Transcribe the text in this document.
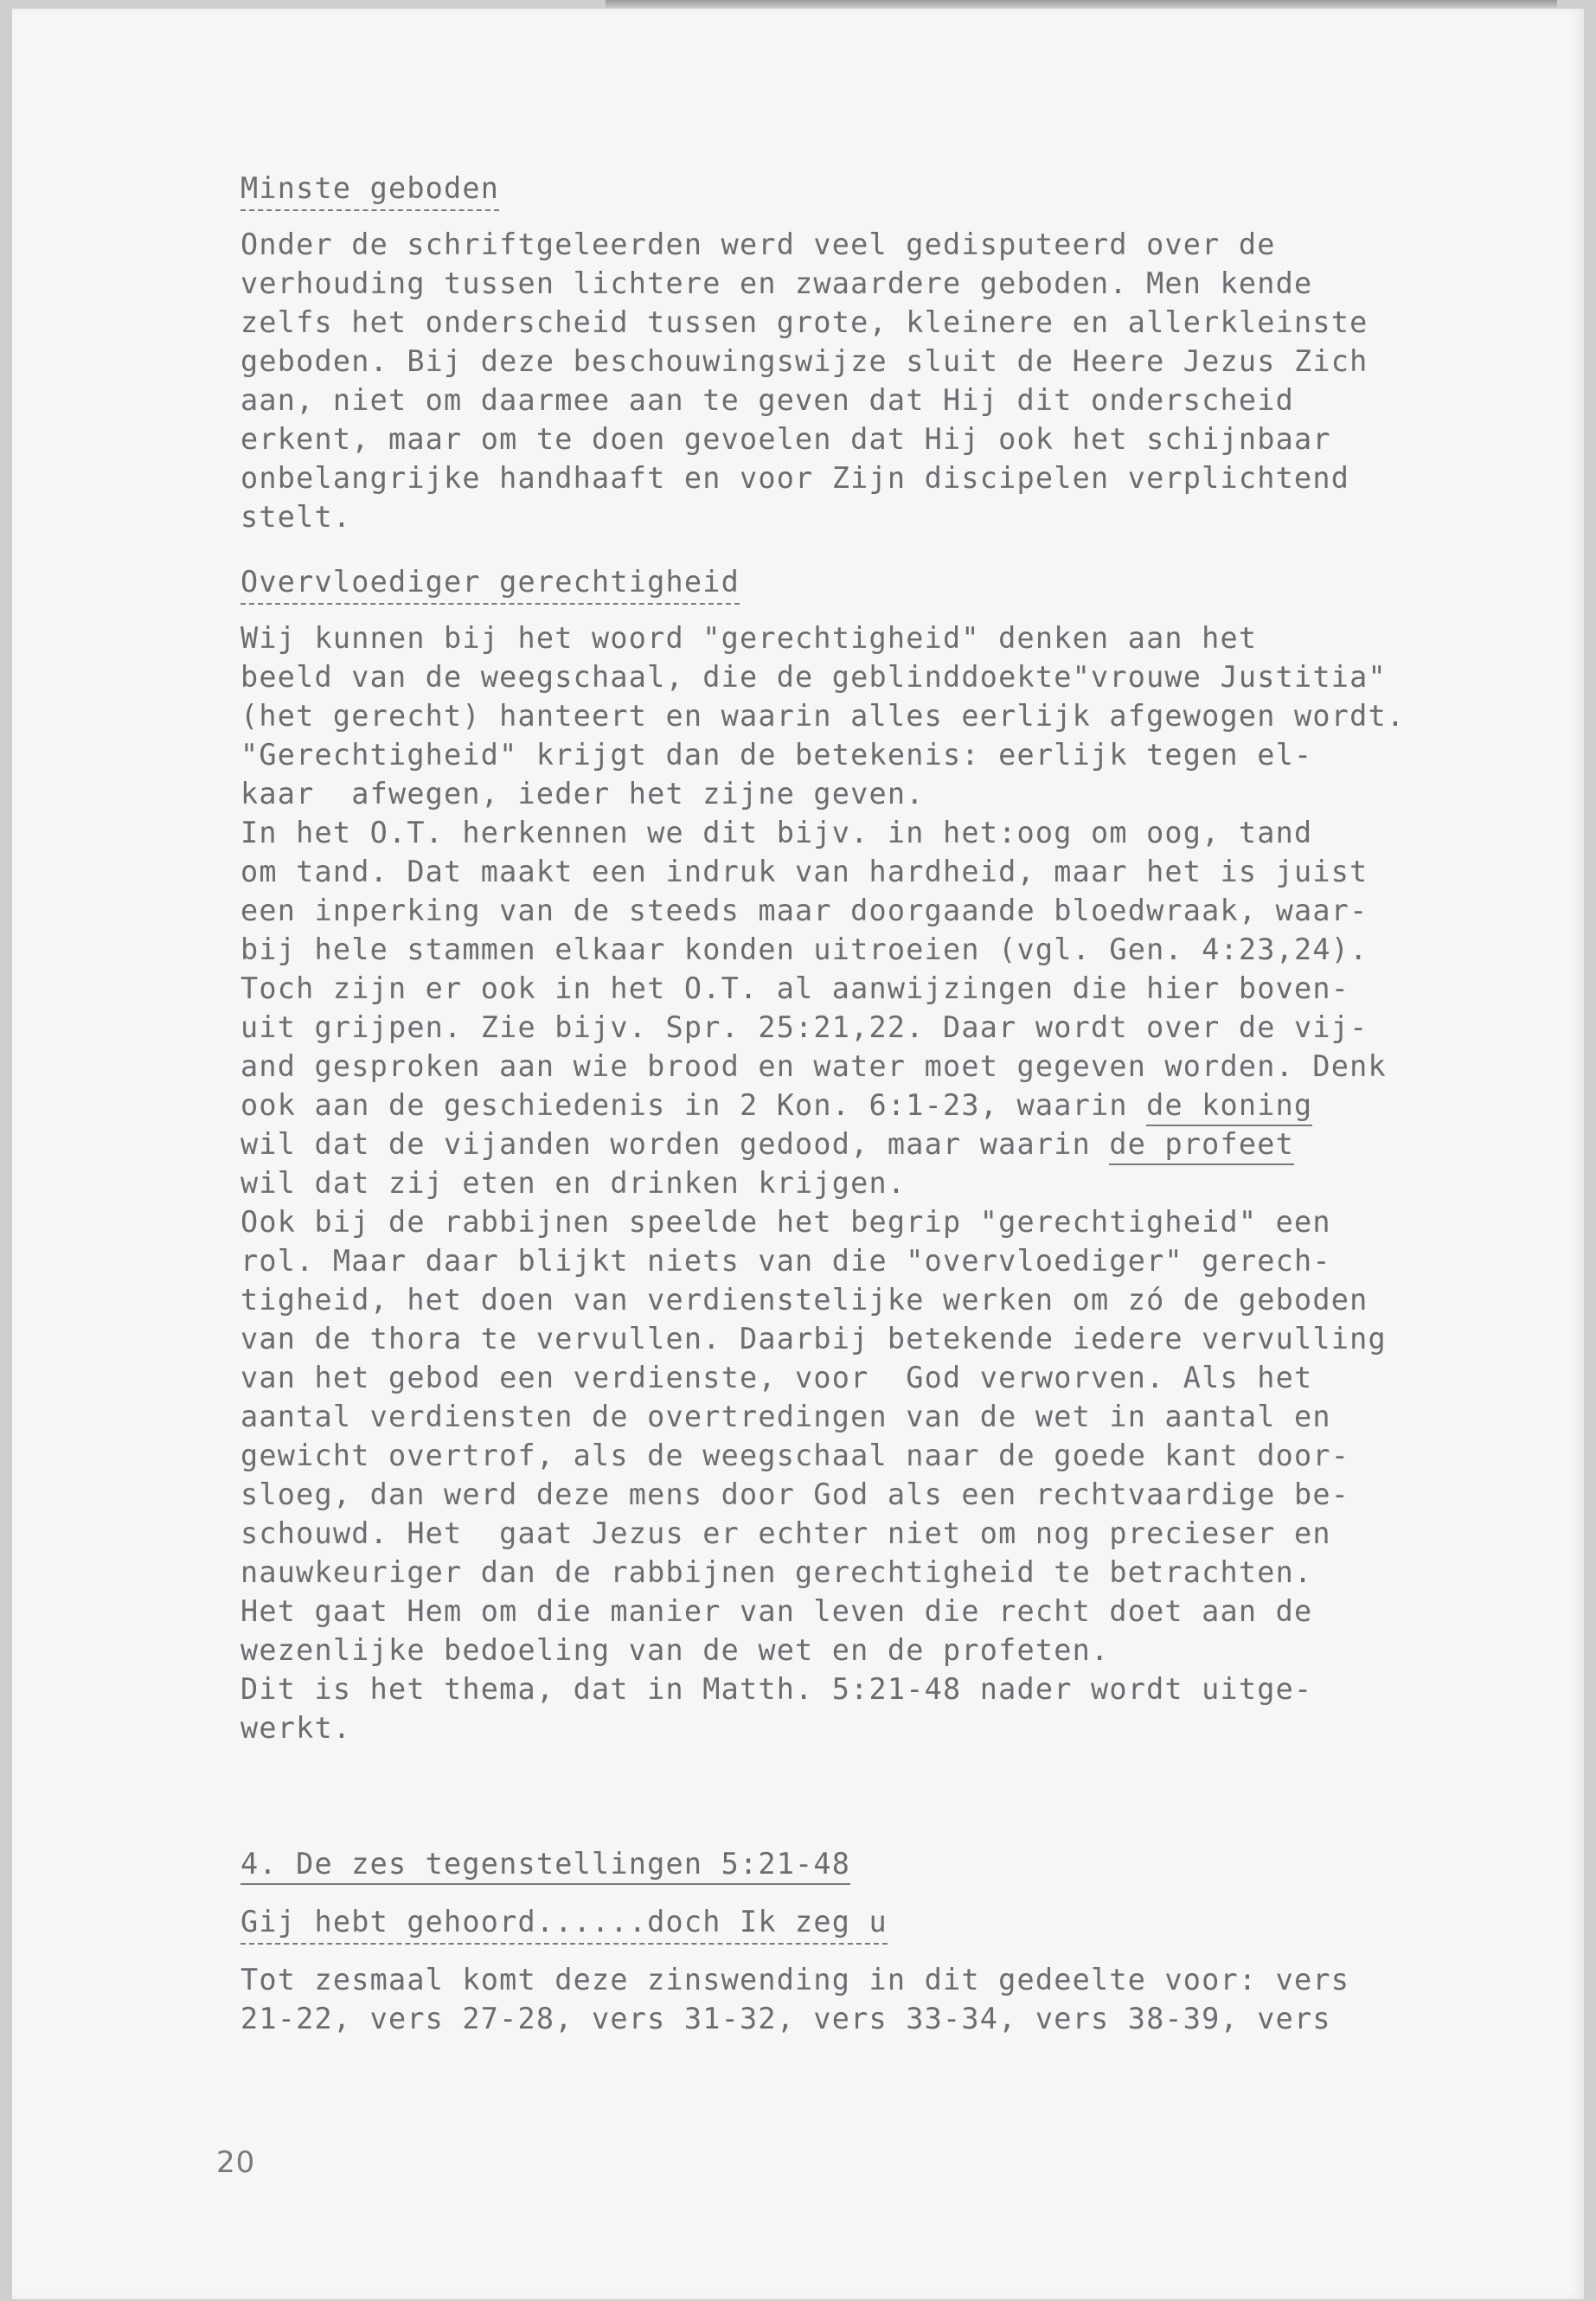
Minste geboden
Onder de schriftgeleerden werd veel gedisputeerd over de
verhouding tussen lichtere en zwaardere geboden. Men kende
zelfs het onderscheid tussen grote, kleinere en allerkleinste
geboden. Bij deze beschouwingswijze sluit de Heere Jezus Zich
aan, niet om daarmee aan te geven dat Hij dit onderscheid
erkent, maar om te doen gevoelen dat Hij ook het schijnbaar
onbelangrijke handhaaft en voor Zijn discipelen verplichtend
stelt.
Overvloediger gerechtigheid
Wij kunnen bij het woord "gerechtigheid" denken aan het
beeld van de weegschaal, die de geblinddoekte"vrouwe Justitia"
(het gerecht) hanteert en waarin alles eerlijk afgewogen wordt.
"Gerechtigheid" krijgt dan de betekenis: eerlijk tegen el-
kaar  afwegen, ieder het zijne geven.
In het O.T. herkennen we dit bijv. in het:oog om oog, tand
om tand. Dat maakt een indruk van hardheid, maar het is juist
een inperking van de steeds maar doorgaande bloedwraak, waar-
bij hele stammen elkaar konden uitroeien (vgl. Gen. 4:23,24).
Toch zijn er ook in het O.T. al aanwijzingen die hier boven-
uit grijpen. Zie bijv. Spr. 25:21,22. Daar wordt over de vij-
and gesproken aan wie brood en water moet gegeven worden. Denk
ook aan de geschiedenis in 2 Kon. 6:1-23, waarin de koning
wil dat de vijanden worden gedood, maar waarin de profeet
wil dat zij eten en drinken krijgen.
Ook bij de rabbijnen speelde het begrip "gerechtigheid" een
rol. Maar daar blijkt niets van die "overvloediger" gerech-
tigheid, het doen van verdienstelijke werken om zó de geboden
van de thora te vervullen. Daarbij betekende iedere vervulling
van het gebod een verdienste, voor  God verworven. Als het
aantal verdiensten de overtredingen van de wet in aantal en
gewicht overtrof, als de weegschaal naar de goede kant door-
sloeg, dan werd deze mens door God als een rechtvaardige be-
schouwd. Het  gaat Jezus er echter niet om nog precieser en
nauwkeuriger dan de rabbijnen gerechtigheid te betrachten.
Het gaat Hem om die manier van leven die recht doet aan de
wezenlijke bedoeling van de wet en de profeten.
Dit is het thema, dat in Matth. 5:21-48 nader wordt uitge-
werkt.
4. De zes tegenstellingen 5:21-48
Gij hebt gehoord......doch Ik zeg u
Tot zesmaal komt deze zinswending in dit gedeelte voor: vers
21-22, vers 27-28, vers 31-32, vers 33-34, vers 38-39, vers
20
